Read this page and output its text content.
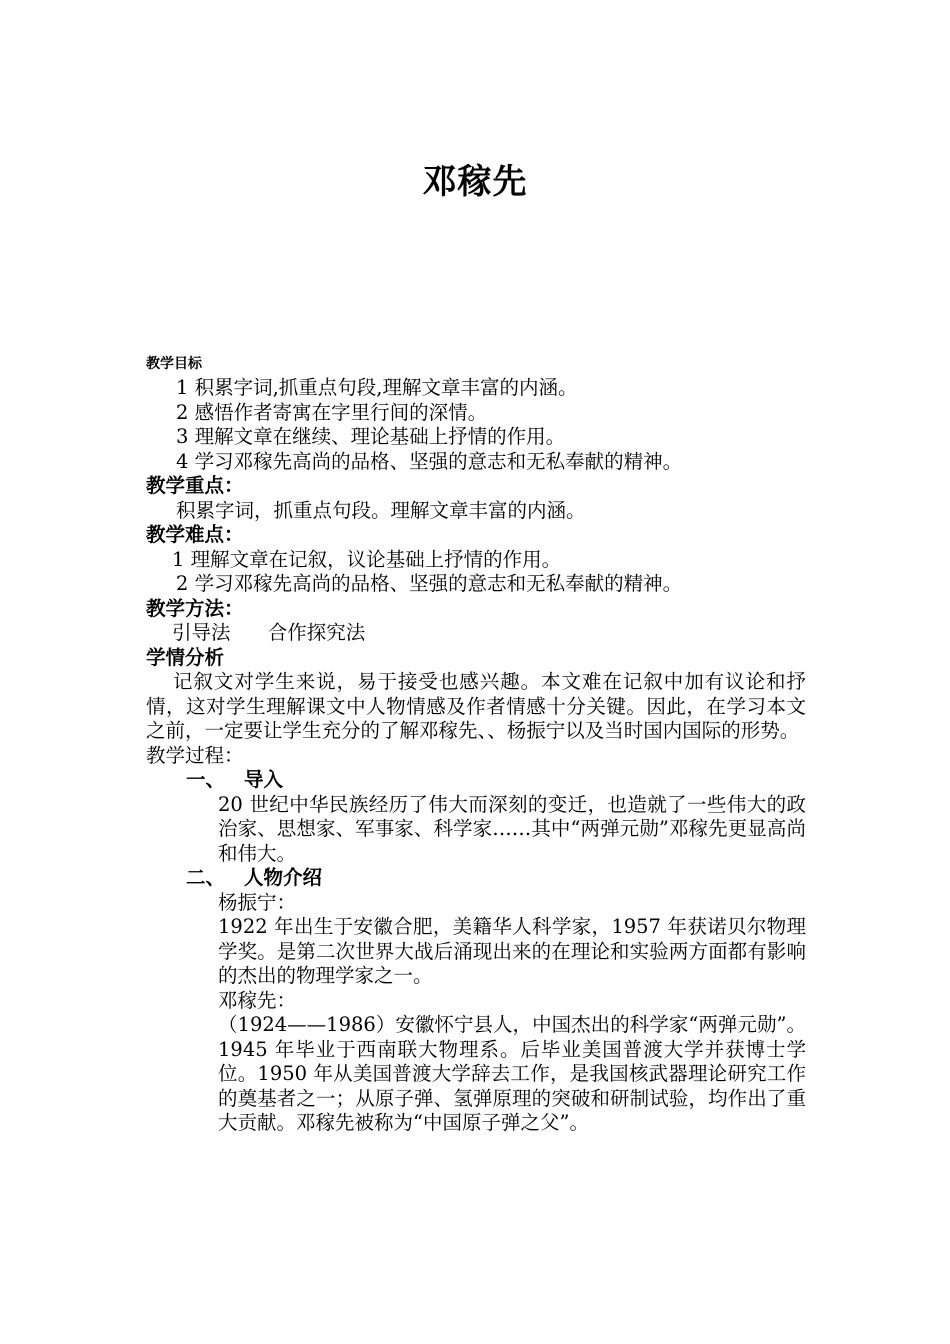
邓稼先
教学目标
1 积累字词,抓重点句段,理解文章丰富的内涵。
2 感悟作者寄寓在字里行间的深情。
3 理解文章在继续、理论基础上抒情的作用。
4 学习邓稼先高尚的品格、坚强的意志和无私奉献的精神。
教学重点：
积累字词，抓重点句段。理解文章丰富的内涵。
教学难点：
1 理解文章在记叙，议论基础上抒情的作用。
2 学习邓稼先高尚的品格、坚强的意志和无私奉献的精神。
教学方法：
引导法      合作探究法
学情分析
记叙文对学生来说，易于接受也感兴趣。本文难在记叙中加有议论和抒情，这对学生理解课文中人物情感及作者情感十分关键。因此，在学习本文之前，一定要让学生充分的了解邓稼先、、杨振宁以及当时国内国际的形势。
教学过程：
一、 导入
20 世纪中华民族经历了伟大而深刻的变迁，也造就了一些伟大的政治家、思想家、军事家、科学家……其中“两弹元勋”邓稼先更显高尚和伟大。
二、 人物介绍
杨振宁：
1922 年出生于安徽合肥，美籍华人科学家，1957 年获诺贝尔物理学奖。是第二次世界大战后涌现出来的在理论和实验两方面都有影响的杰出的物理学家之一。
邓稼先：
（1924——1986）安徽怀宁县人，中国杰出的科学家“两弹元勋”。1945 年毕业于西南联大物理系。后毕业美国普渡大学并获博士学位。1950 年从美国普渡大学辞去工作，是我国核武器理论研究工作的奠基者之一；从原子弹、氢弹原理的突破和研制试验，均作出了重大贡献。邓稼先被称为“中国原子弹之父”。
